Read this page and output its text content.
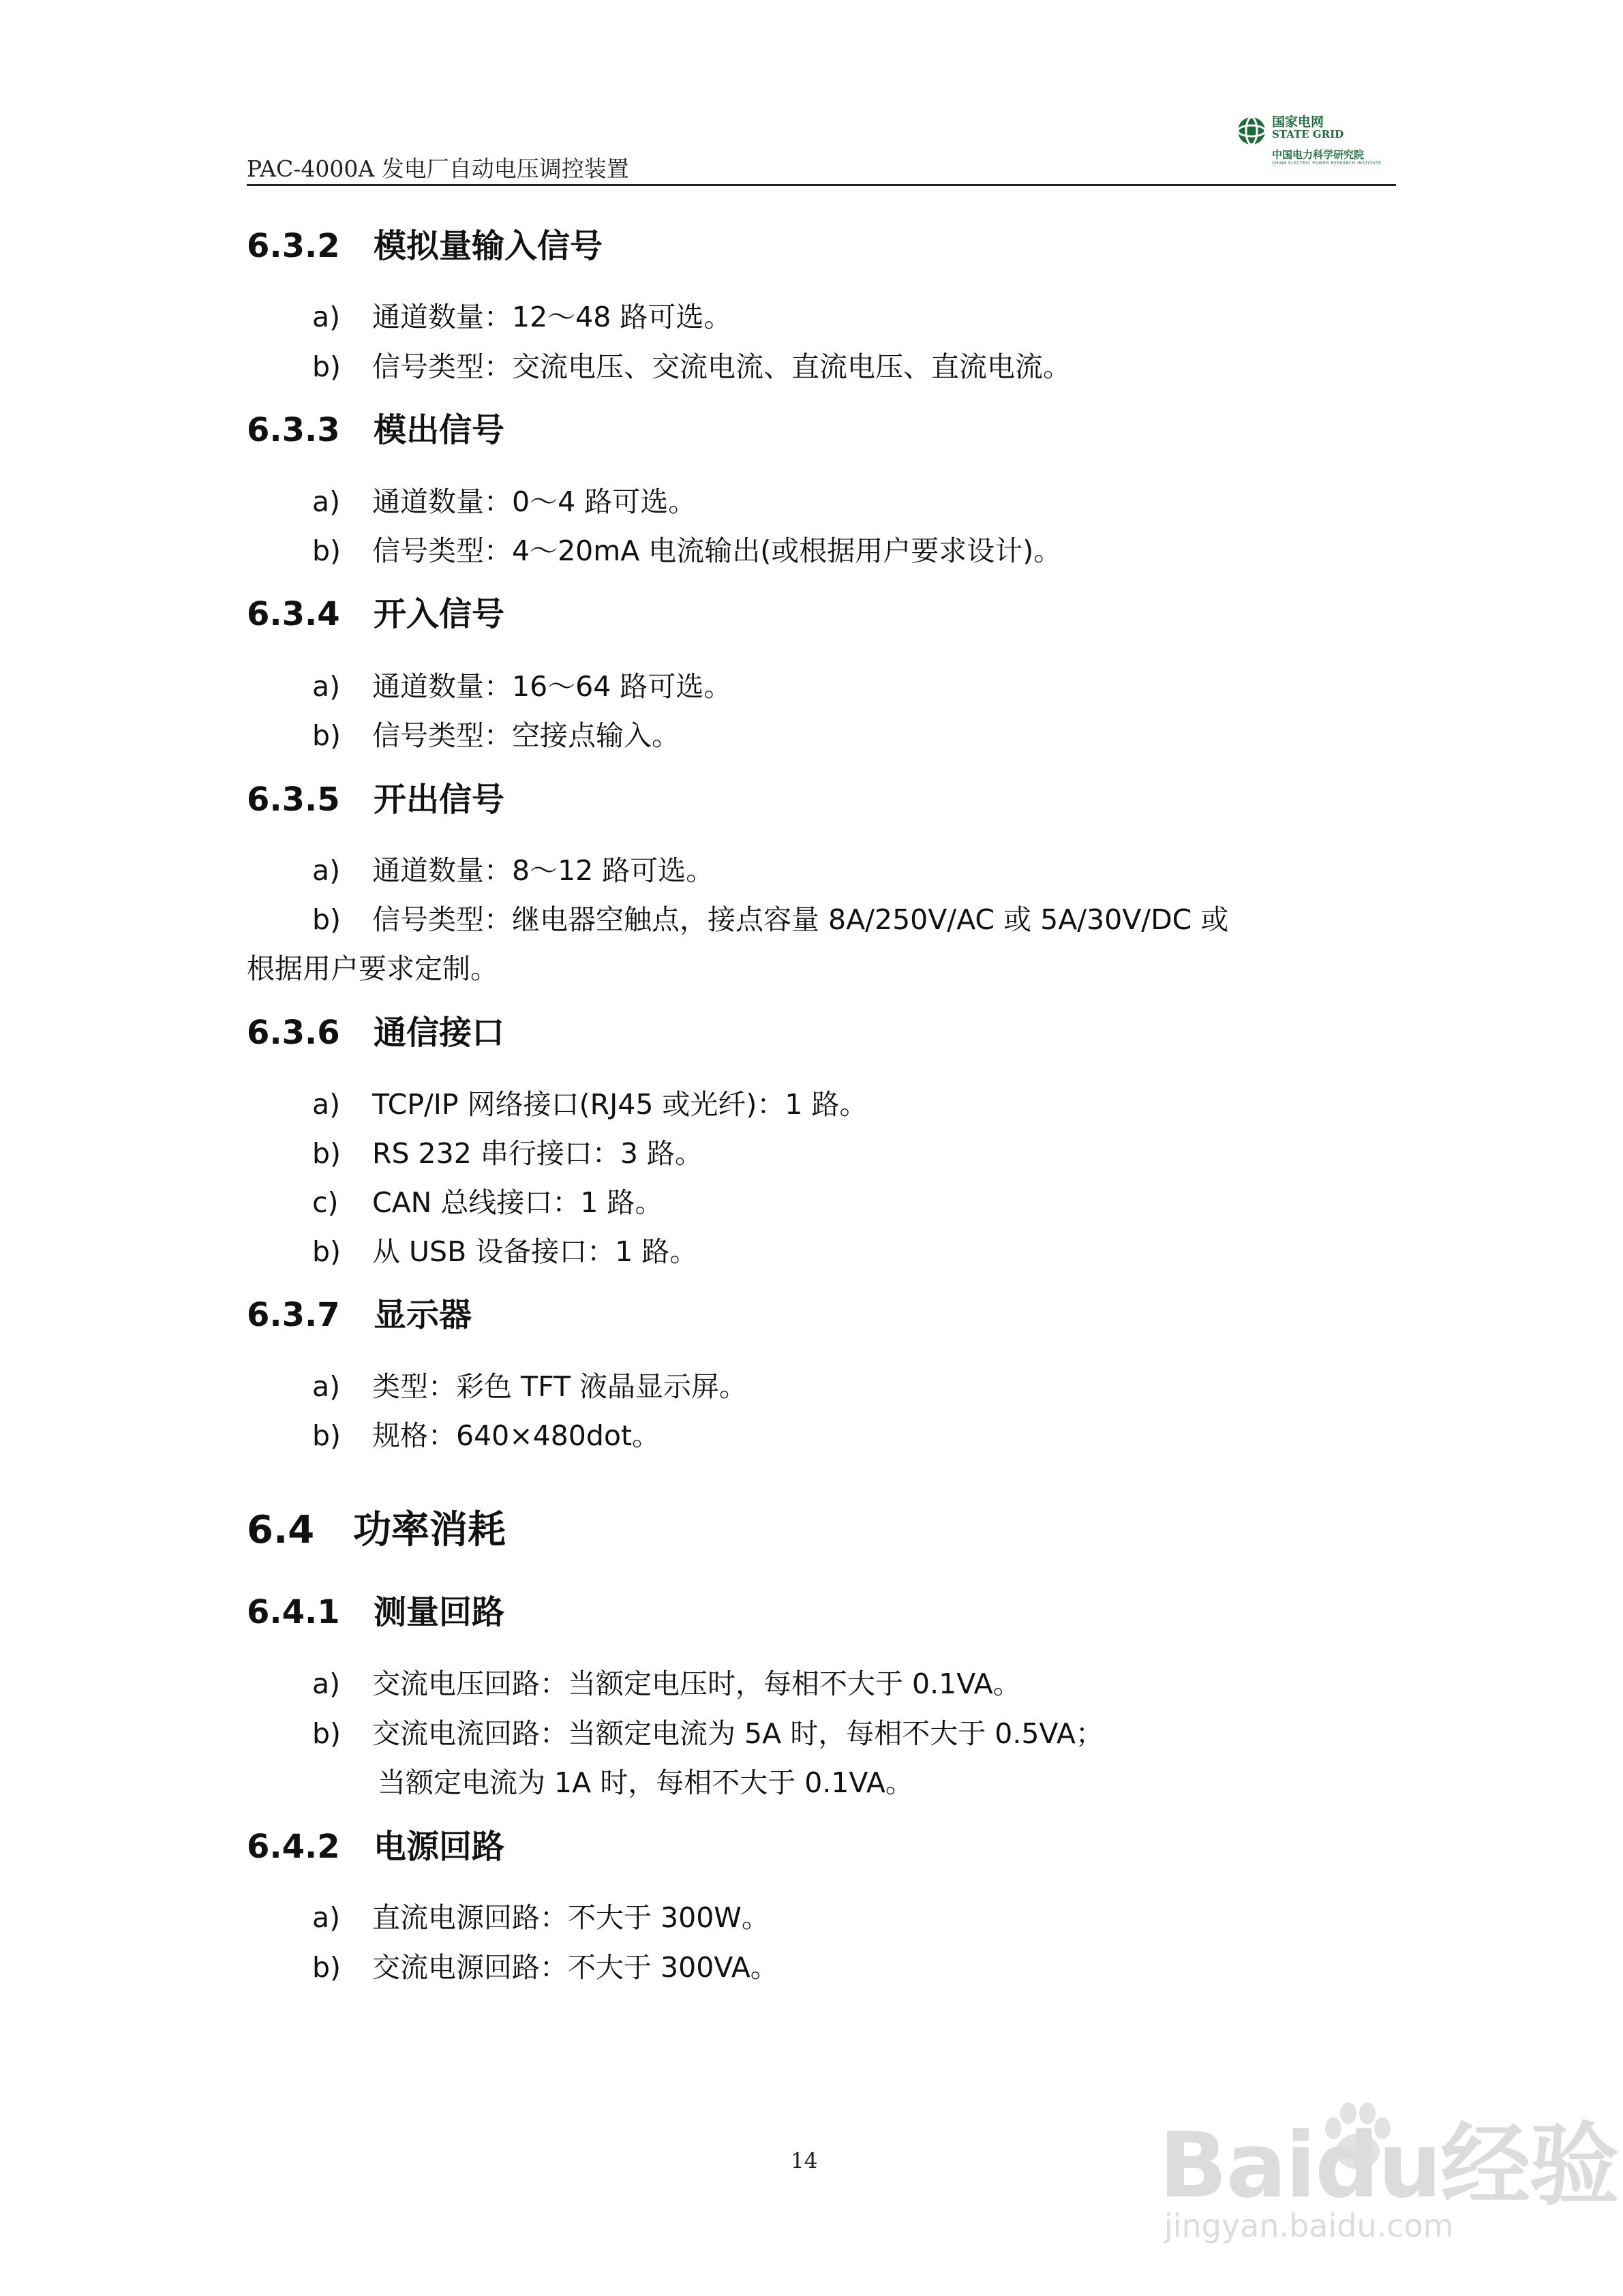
国家电网
STATE GRID
中国电力科学研究院
CHINA ELECTRIC POWER RESEARCH INSTITUTE
PAC-4000A 发电厂自动电压调控装置
6.3.2 模拟量输入信号
a) 通道数量：12～48 路可选。
b) 信号类型：交流电压、交流电流、直流电压、直流电流。
6.3.3 模出信号
a) 通道数量：0～4 路可选。
b) 信号类型：4～20mA 电流输出(或根据用户要求设计)。
6.3.4 开入信号
a) 通道数量：16～64 路可选。
b) 信号类型：空接点输入。
6.3.5 开出信号
a) 通道数量：8～12 路可选。
b) 信号类型：继电器空触点，接点容量 8A/250V/AC 或 5A/30V/DC 或
根据用户要求定制。
6.3.6 通信接口
a) TCP/IP 网络接口(RJ45 或光纤)：1 路。
b) RS 232 串行接口：3 路。
c) CAN 总线接口：1 路。
b) 从 USB 设备接口：1 路。
6.3.7 显示器
a) 类型：彩色 TFT 液晶显示屏。
b) 规格：640×480dot。
6.4 功率消耗
6.4.1 测量回路
a) 交流电压回路：当额定电压时，每相不大于 0.1VA。
b) 交流电流回路：当额定电流为 5A 时，每相不大于 0.5VA；
当额定电流为 1A 时，每相不大于 0.1VA。
6.4.2 电源回路
a) 直流电源回路：不大于 300W。
b) 交流电源回路：不大于 300VA。
14	Baidu经验
jingyan.baidu.com
